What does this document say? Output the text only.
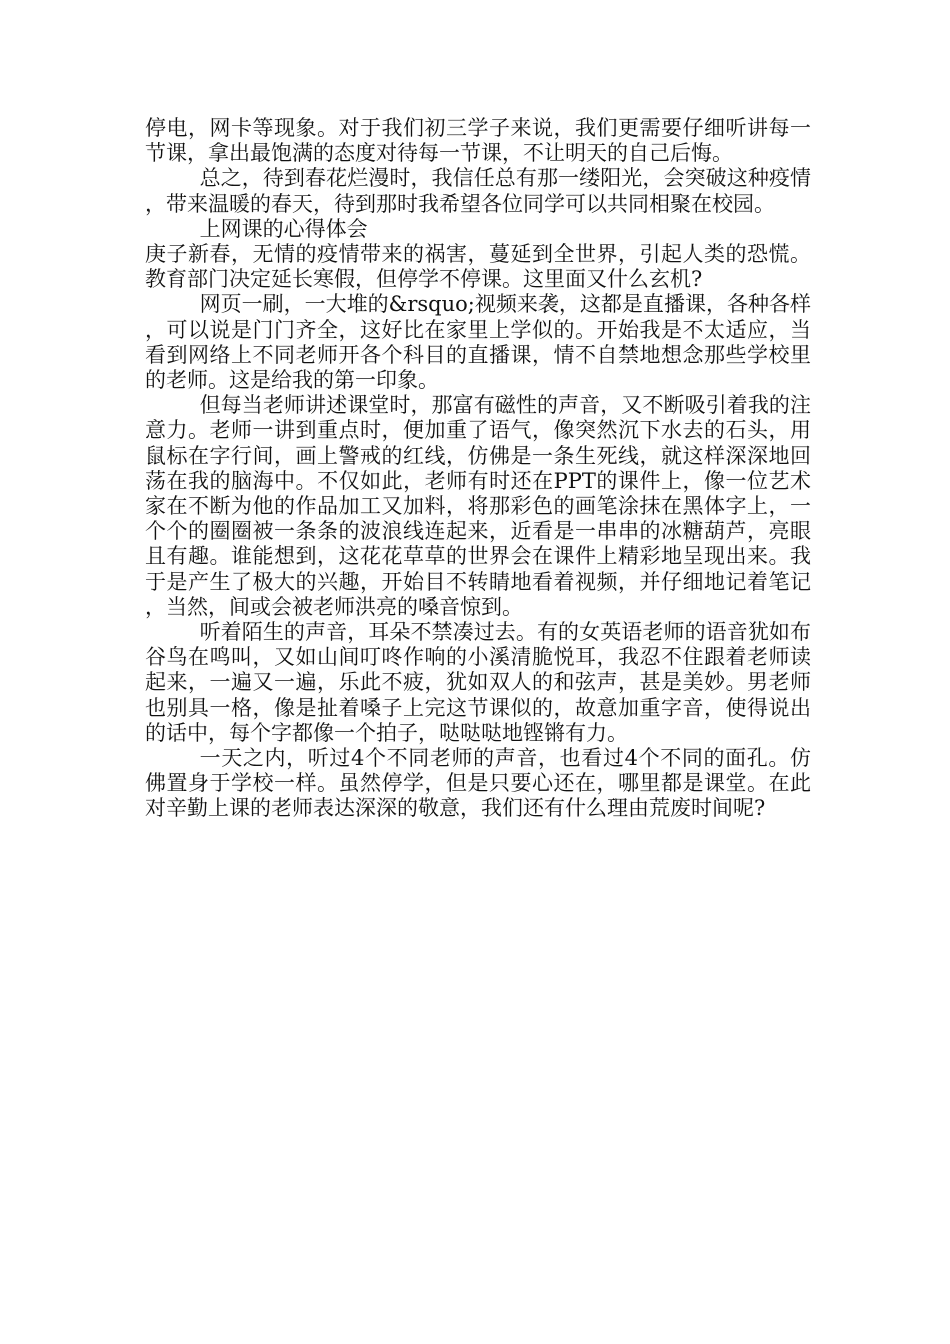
停电，网卡等现象。对于我们初三学子来说，我们更需要仔细听讲每一节课，拿出最饱满的态度对待每一节课，不让明天的自己后悔。

总之，待到春花烂漫时，我信任总有那一缕阳光，会突破这种疫情，带来温暖的春天，待到那时我希望各位同学可以共同相聚在校园。

上网课的心得体会

庚子新春，无情的疫情带来的祸害，蔓延到全世界，引起人类的恐慌。教育部门决定延长寒假，但停学不停课。这里面又什么玄机?

网页一刷，一大堆的&rsquo;视频来袭，这都是直播课，各种各样，可以说是门门齐全，这好比在家里上学似的。开始我是不太适应，当看到网络上不同老师开各个科目的直播课，情不自禁地想念那些学校里的老师。这是给我的第一印象。

但每当老师讲述课堂时，那富有磁性的声音，又不断吸引着我的注意力。老师一讲到重点时，便加重了语气，像突然沉下水去的石头，用鼠标在字行间，画上警戒的红线，仿佛是一条生死线，就这样深深地回荡在我的脑海中。不仅如此，老师有时还在PPT的课件上，像一位艺术家在不断为他的作品加工又加料，将那彩色的画笔涂抹在黑体字上，一个个的圈圈被一条条的波浪线连起来，近看是一串串的冰糖葫芦，亮眼且有趣。谁能想到，这花花草草的世界会在课件上精彩地呈现出来。我于是产生了极大的兴趣，开始目不转睛地看着视频，并仔细地记着笔记，当然，间或会被老师洪亮的嗓音惊到。

听着陌生的声音，耳朵不禁凑过去。有的女英语老师的语音犹如布谷鸟在鸣叫，又如山间叮咚作响的小溪清脆悦耳，我忍不住跟着老师读起来，一遍又一遍，乐此不疲，犹如双人的和弦声，甚是美妙。男老师也别具一格，像是扯着嗓子上完这节课似的，故意加重字音，使得说出的话中，每个字都像一个拍子，哒哒哒地铿锵有力。

一天之内，听过4个不同老师的声音，也看过4个不同的面孔。仿佛置身于学校一样。虽然停学，但是只要心还在，哪里都是课堂。在此对辛勤上课的老师表达深深的敬意，我们还有什么理由荒废时间呢?
